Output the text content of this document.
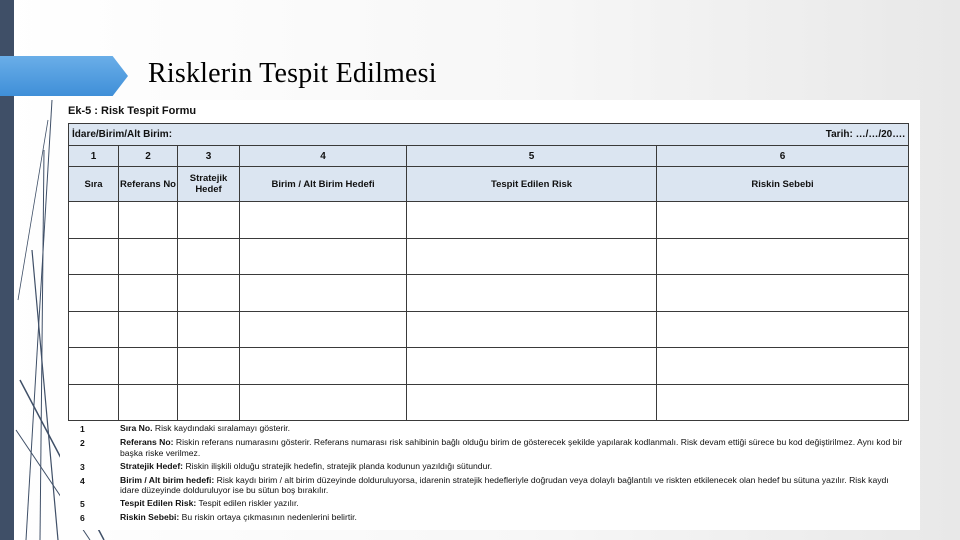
Risklerin Tespit Edilmesi
Ek-5 : Risk Tespit Formu
İdare/Birim/Alt Birim:			Tarih: …/…/20….		
1	2	3	4	5	6
Sıra	Referans No	Stratejik Hedef	Birim / Alt Birim Hedefi	Tespit Edilen Risk	Riskin Sebebi

1	Sıra No. Risk kaydındaki sıralamayı gösterir.
2	Referans No: Riskin referans numarasını gösterir. Referans numarası risk sahibinin bağlı olduğu birim de gösterecek şekilde yapılarak kodlanmalı. Risk devam ettiği sürece bu kod değiştirilmez. Aynı kod bir başka riske verilmez.
3	Stratejik Hedef: Riskin ilişkili olduğu stratejik hedefin, stratejik planda kodunun yazıldığı sütundur.
4	Birim / Alt birim hedefi: Risk kaydı birim / alt birim düzeyinde dolduruluyorsa, idarenin stratejik hedefleriyle doğrudan veya dolaylı bağlantılı ve riskten etkilenecek olan hedef bu sütuna yazılır. Risk kaydı idare düzeyinde dolduruluyor ise bu sütun boş bırakılır.
5	Tespit Edilen Risk: Tespit edilen riskler yazılır.
6	Riskin Sebebi: Bu riskin ortaya çıkmasının nedenlerini belirtir.
